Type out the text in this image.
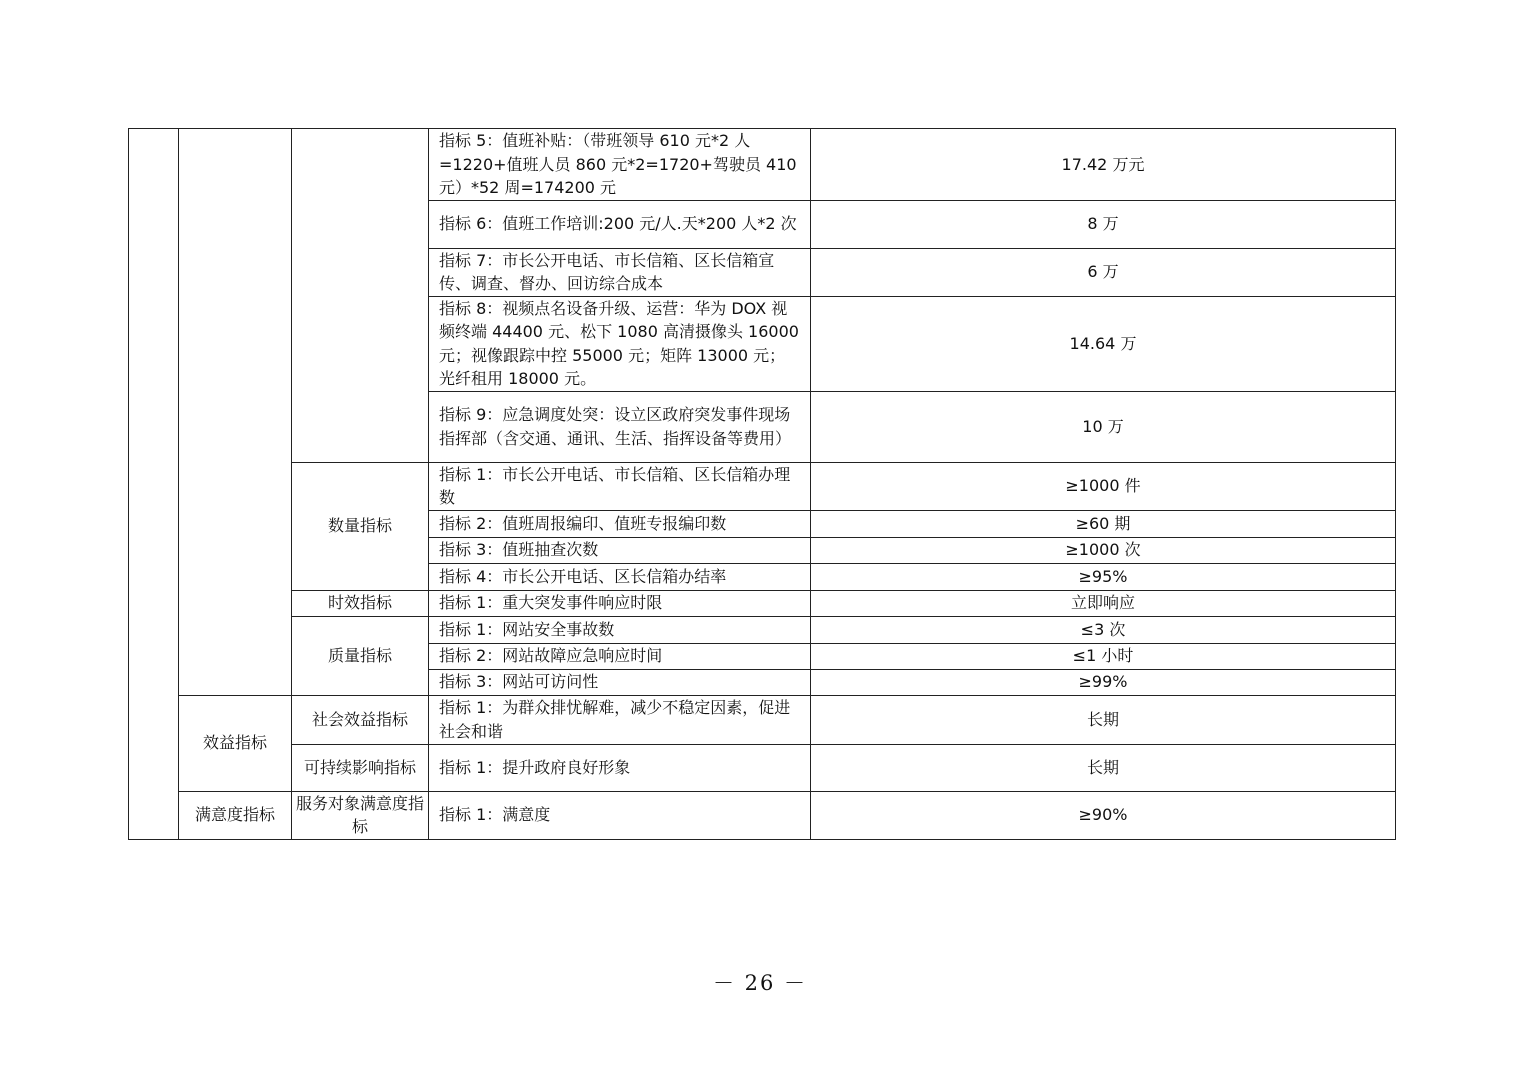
			指标 5：值班补贴：（带班领导 610 元*2 人=1220+值班人员 860 元*2=1720+驾驶员 410 元）*52 周=174200 元	17.42 万元
			指标 6：值班工作培训:200 元/人.天*200 人*2 次	8 万
			指标 7：市长公开电话、市长信箱、区长信箱宣传、调查、督办、回访综合成本	6 万
			指标 8：视频点名设备升级、运营：华为 DOX 视频终端 44400 元、松下 1080 高清摄像头 16000 元；视像跟踪中控 55000 元；矩阵 13000 元；光纤租用 18000 元。	14.64 万
			指标 9：应急调度处突：设立区政府突发事件现场指挥部（含交通、通讯、生活、指挥设备等费用）	10 万
		数量指标	指标 1：市长公开电话、市长信箱、区长信箱办理数	≥1000 件
			指标 2：值班周报编印、值班专报编印数	≥60 期
			指标 3：值班抽查次数	≥1000 次
			指标 4：市长公开电话、区长信箱办结率	≥95%
		时效指标	指标 1：重大突发事件响应时限	立即响应
		质量指标	指标 1：网站安全事故数	≤3 次
			指标 2：网站故障应急响应时间	≤1 小时
			指标 3：网站可访问性	≥99%
	效益指标	社会效益指标	指标 1：为群众排忧解难，减少不稳定因素，促进社会和谐	长期
		可持续影响指标	指标 1：提升政府良好形象	长期
	满意度指标	服务对象满意度指标	指标 1：满意度	≥90%
－ 26 －
